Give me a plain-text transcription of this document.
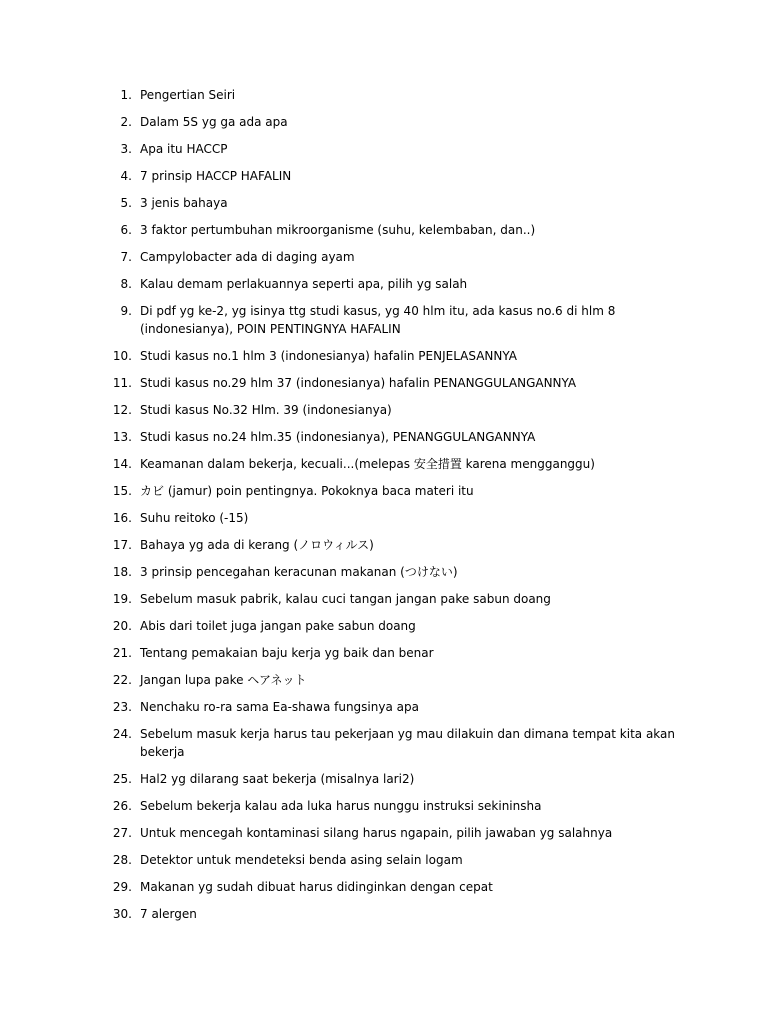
1. Pengertian Seiri
2. Dalam 5S yg ga ada apa
3. Apa itu HACCP
4. 7 prinsip HACCP HAFALIN
5. 3 jenis bahaya
6. 3 faktor pertumbuhan mikroorganisme (suhu, kelembaban, dan..)
7. Campylobacter ada di daging ayam
8. Kalau demam perlakuannya seperti apa, pilih yg salah
9. Di pdf yg ke-2, yg isinya ttg studi kasus, yg 40 hlm itu, ada kasus no.6 di hlm 8 (indonesianya), POIN PENTINGNYA HAFALIN
10. Studi kasus no.1 hlm 3 (indonesianya) hafalin PENJELASANNYA
11. Studi kasus no.29 hlm 37 (indonesianya) hafalin PENANGGULANGANNYA
12. Studi kasus No.32 Hlm. 39 (indonesianya)
13. Studi kasus no.24 hlm.35 (indonesianya), PENANGGULANGANNYA
14. Keamanan dalam bekerja, kecuali...(melepas 安全措置 karena mengganggu)
15. カビ (jamur) poin pentingnya. Pokoknya baca materi itu
16. Suhu reitoko (-15)
17. Bahaya yg ada di kerang (ノロウィルス)
18. 3 prinsip pencegahan keracunan makanan (つけない)
19. Sebelum masuk pabrik, kalau cuci tangan jangan pake sabun doang
20. Abis dari toilet juga jangan pake sabun doang
21. Tentang pemakaian baju kerja yg baik dan benar
22. Jangan lupa pake ヘアネット
23. Nenchaku ro-ra sama Ea-shawa fungsinya apa
24. Sebelum masuk kerja harus tau pekerjaan yg mau dilakuin dan dimana tempat kita akan bekerja
25. Hal2 yg dilarang saat bekerja (misalnya lari2)
26. Sebelum bekerja kalau ada luka harus nunggu instruksi sekininsha
27. Untuk mencegah kontaminasi silang harus ngapain, pilih jawaban yg salahnya
28. Detektor untuk mendeteksi benda asing selain logam
29. Makanan yg sudah dibuat harus didinginkan dengan cepat
30. 7 alergen
